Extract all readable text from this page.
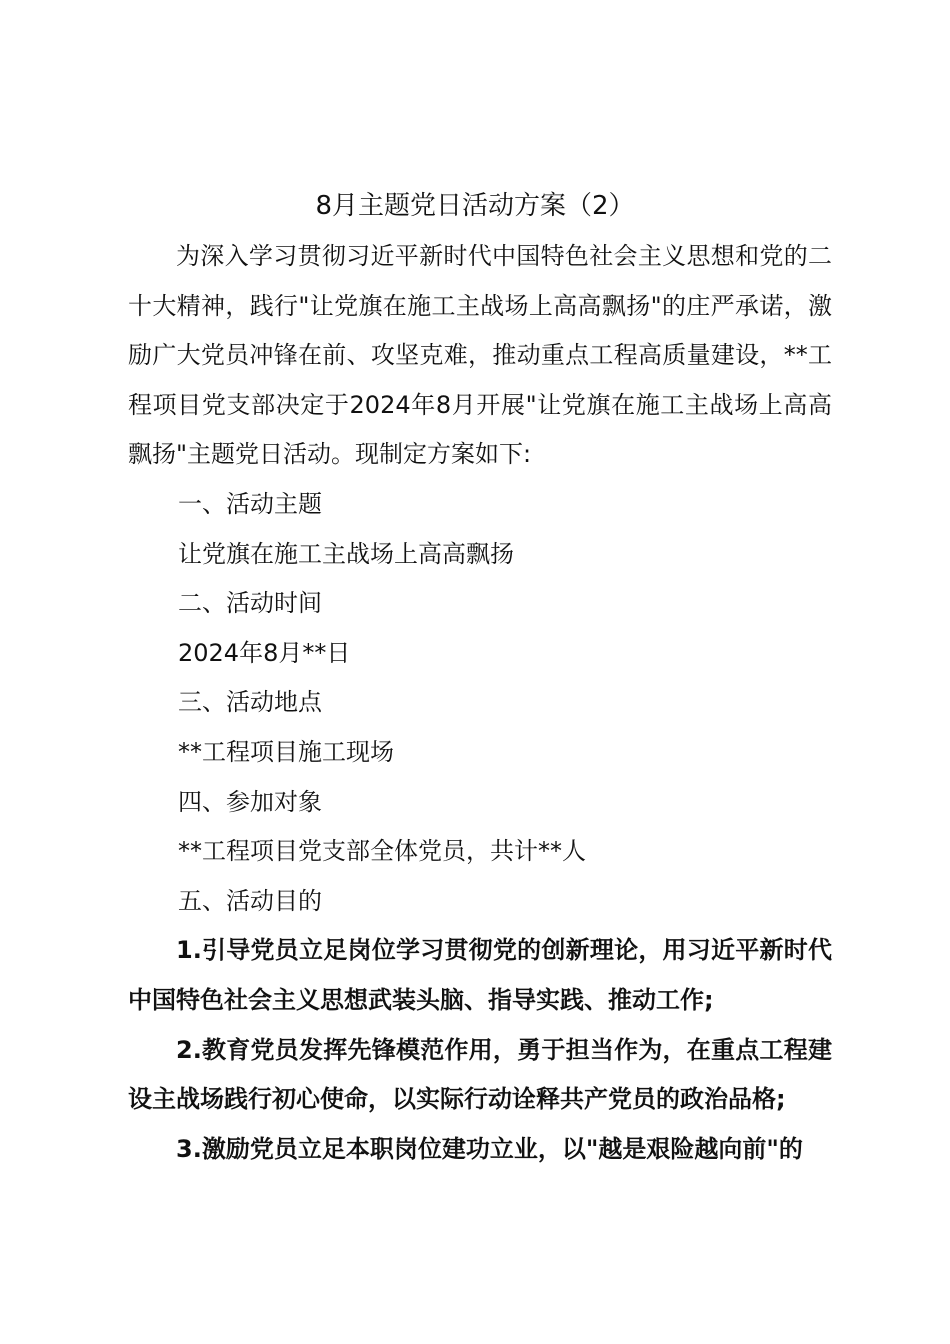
8月主题党日活动方案（2）

为深入学习贯彻习近平新时代中国特色社会主义思想和党的二十大精神，践行"让党旗在施工主战场上高高飘扬"的庄严承诺，激励广大党员冲锋在前、攻坚克难，推动重点工程高质量建设，**工程项目党支部决定于2024年8月开展"让党旗在施工主战场上高高飘扬"主题党日活动。现制定方案如下:

一、活动主题

让党旗在施工主战场上高高飘扬

二、活动时间

2024年8月**日

三、活动地点

**工程项目施工现场

四、参加对象

**工程项目党支部全体党员，共计**人

五、活动目的

1.引导党员立足岗位学习贯彻党的创新理论，用习近平新时代中国特色社会主义思想武装头脑、指导实践、推动工作;

2.教育党员发挥先锋模范作用，勇于担当作为，在重点工程建设主战场践行初心使命，以实际行动诠释共产党员的政治品格;

3.激励党员立足本职岗位建功立业，以"越是艰险越向前"的
